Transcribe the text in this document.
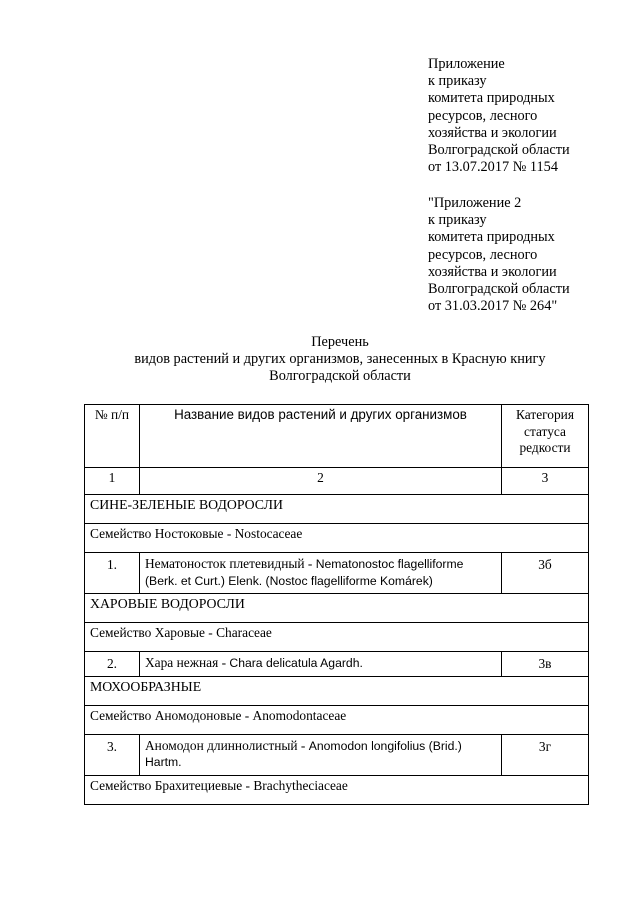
Приложение
к приказу
комитета природных
ресурсов, лесного
хозяйства и экологии
Волгоградской области
от 13.07.2017 № 1154
"Приложение 2
к приказу
комитета природных
ресурсов, лесного
хозяйства и экологии
Волгоградской области
от 31.03.2017 № 264"
Перечень
видов растений и других организмов, занесенных в Красную книгу
Волгоградской области
№ п/п	Название видов растений и других организмов	Категория статуса редкости
1	2	3
СИНЕ-ЗЕЛЕНЫЕ ВОДОРОСЛИ		
Семейство Ностоковые - Nostocaceae		
1.	Нематоносток плетевидный - Nematonostoc flagelliforme (Berk. et Curt.) Elenk. (Nostoc flagelliforme Komárek)	3б
ХАРОВЫЕ ВОДОРОСЛИ		
Семейство Харовые - Characeae		
2.	Хара нежная - Chara delicatula Agardh.	3в
МОХООБРАЗНЫЕ		
Семейство Аномодоновые - Anomodontaceae		
3.	Аномодон длиннолистный - Anomodon longifolius (Brid.) Hartm.	3г
Семейство Брахитециевые - Brachytheciaceae		
